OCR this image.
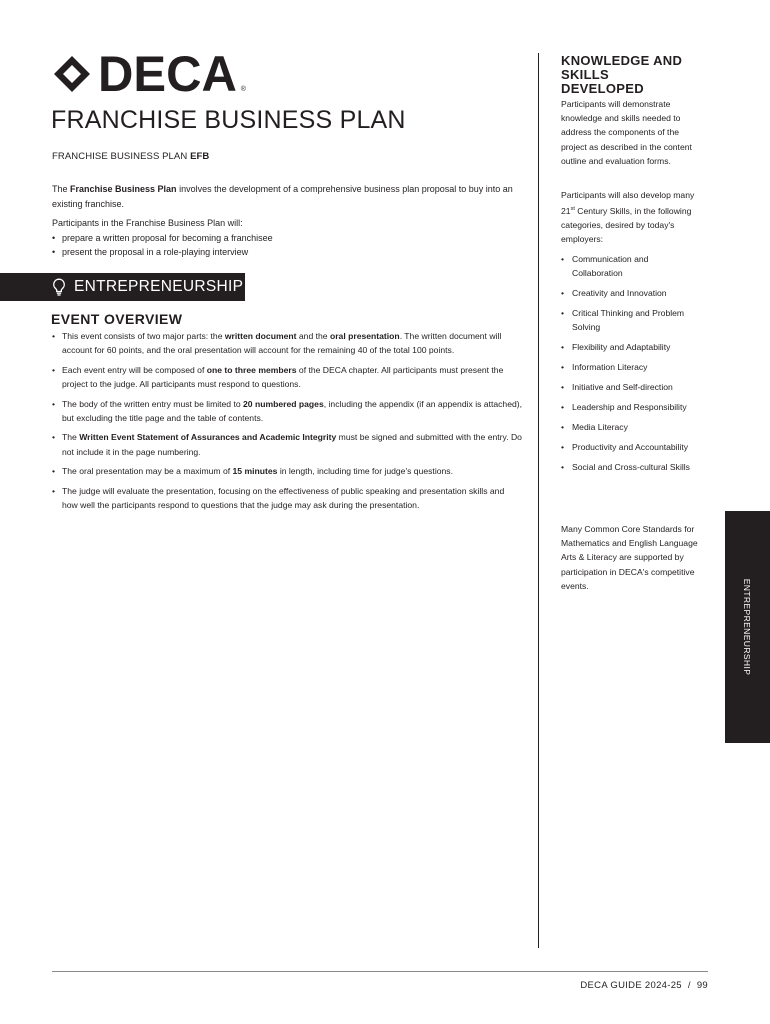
DECA ®
FRANCHISE BUSINESS PLAN
FRANCHISE BUSINESS PLAN EFB

The Franchise Business Plan involves the development of a comprehensive business plan proposal to buy into an existing franchise.

Participants in the Franchise Business Plan will:

• prepare a written proposal for becoming a franchisee
• present the proposal in a role-playing interview
ENTREPRENEURSHIP
EVENT OVERVIEW
• This event consists of two major parts: the written document and the oral presentation. The written document will account for 60 points, and the oral presentation will account for the remaining 40 of the total 100 points.
• Each event entry will be composed of one to three members of the DECA chapter. All participants must present the project to the judge. All participants must respond to questions.
• The body of the written entry must be limited to 20 numbered pages, including the appendix (if an appendix is attached), but excluding the title page and the table of contents.
• The Written Event Statement of Assurances and Academic Integrity must be signed and submitted with the entry. Do not include it in the page numbering.
• The oral presentation may be a maximum of 15 minutes in length, including time for judge's questions.
• The judge will evaluate the presentation, focusing on the effectiveness of public speaking and presentation skills and how well the participants respond to questions that the judge may ask during the presentation.
KNOWLEDGE AND SKILLS DEVELOPED

Participants will demonstrate knowledge and skills needed to address the components of the project as described in the content outline and evaluation forms.

Participants will also develop many 21st Century Skills, in the following categories, desired by today's employers:

• Communication and Collaboration
• Creativity and Innovation
• Critical Thinking and Problem Solving
• Flexibility and Adaptability
• Information Literacy
• Initiative and Self-direction
• Leadership and Responsibility
• Media Literacy
• Productivity and Accountability
• Social and Cross-cultural Skills

Many Common Core Standards for Mathematics and English Language Arts & Literacy are supported by participation in DECA's competitive events.	ENTREPRENEURSHIP
DECA GUIDE 2024-25 / 99
